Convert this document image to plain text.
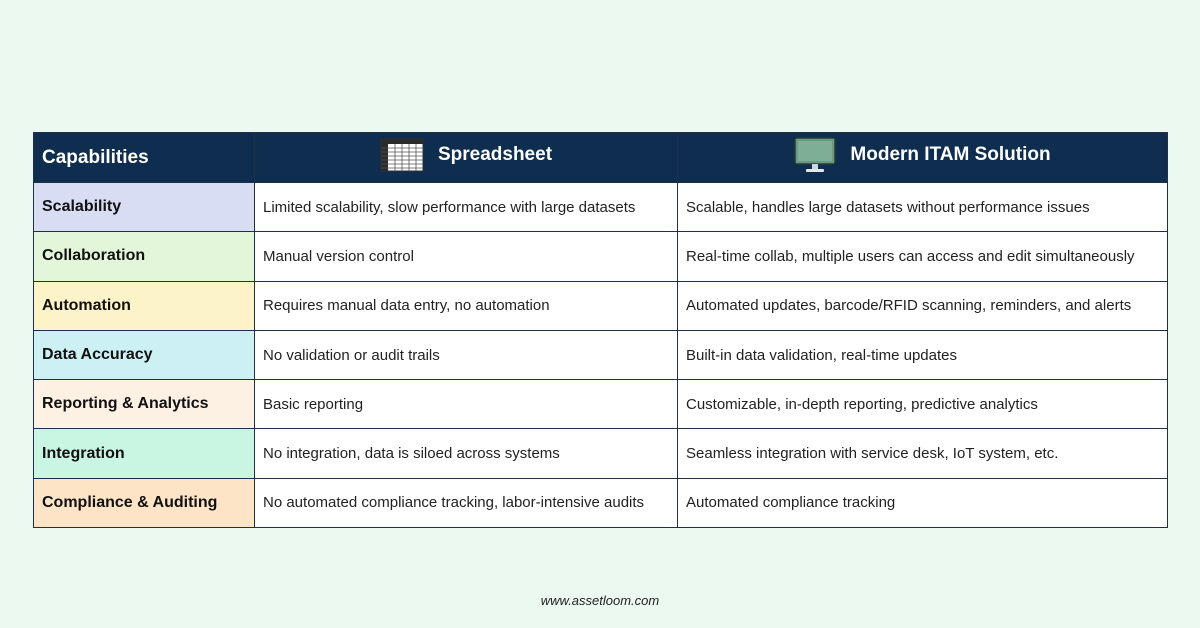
Capabilities	Spreadsheet	Modern ITAM Solution

Scalability	Limited scalability, slow performance with large datasets	Scalable, handles large datasets without performance issues
Collaboration	Manual version control	Real-time collab, multiple users can access and edit simultaneously
Automation	Requires manual data entry, no automation	Automated updates, barcode/RFID scanning, reminders, and alerts
Data Accuracy	No validation or audit trails	Built-in data validation, real-time updates
Reporting & Analytics	Basic reporting	Customizable, in-depth reporting, predictive analytics
Integration	No integration, data is siloed across systems	Seamless integration with service desk, IoT system, etc.
Compliance & Auditing	No automated compliance tracking, labor-intensive audits	Automated compliance tracking
www.assetloom.com
